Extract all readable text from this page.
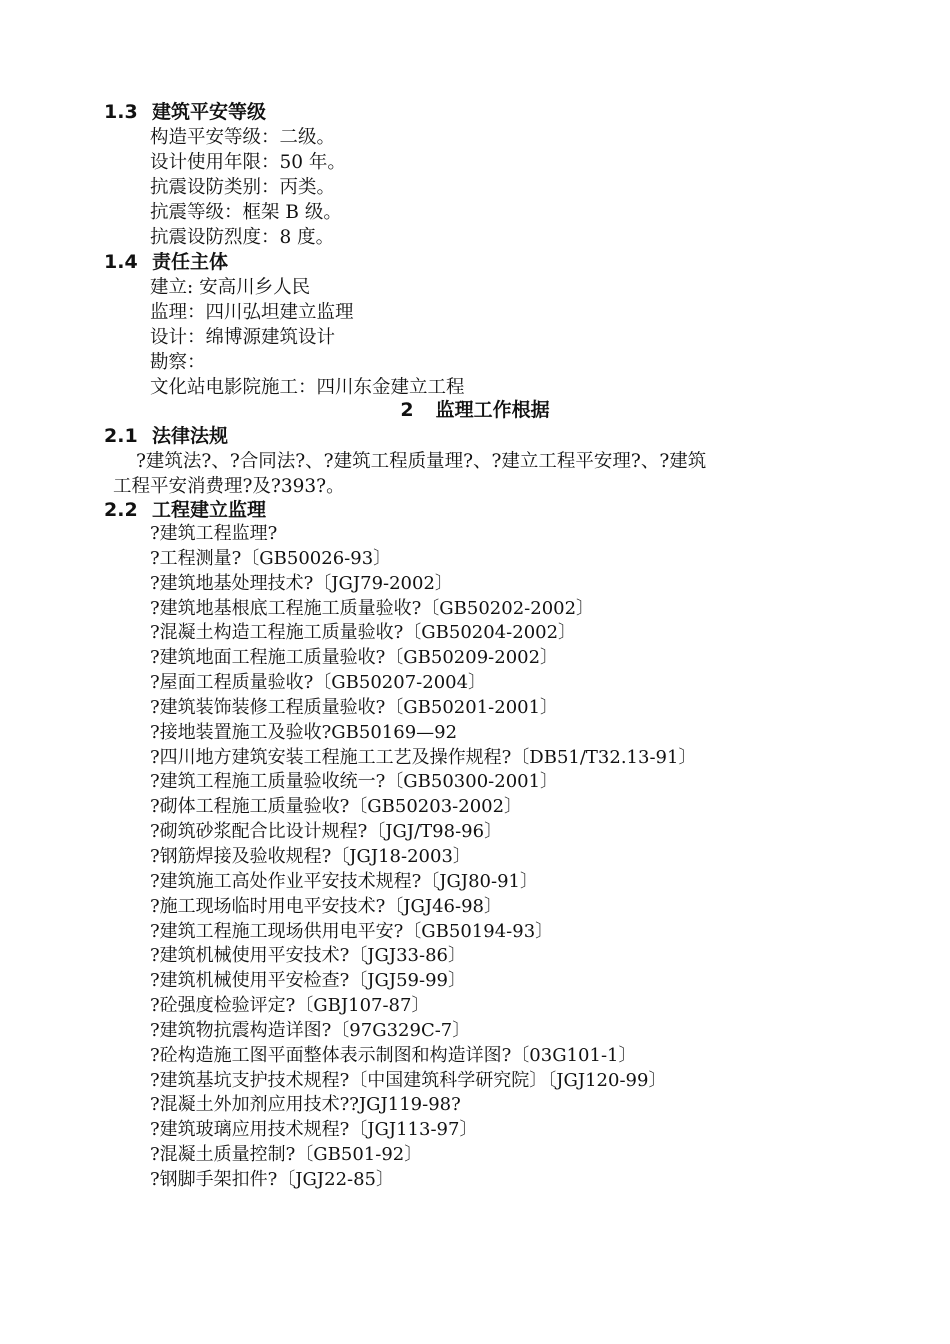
1.3 建筑平安等级
构造平安等级：二级。
设计使用年限：50 年。
抗震设防类别：丙类。
抗震等级：框架 B 级。
抗震设防烈度：8 度。
1.4 责任主体
建立: 安高川乡人民
监理：四川弘坦建立监理
设计：绵博源建筑设计
勘察：
文化站电影院施工：四川东金建立工程
2 监理工作根据
2.1 法律法规
?建筑法?、?合同法?、?建筑工程质量理?、?建立工程平安理?、?建筑
工程平安消费理?及?393?。
2.2 工程建立监理
?建筑工程监理?
?工程测量?〔GB50026-93〕
?建筑地基处理技术?〔JGJ79-2002〕
?建筑地基根底工程施工质量验收?〔GB50202-2002〕
?混凝土构造工程施工质量验收?〔GB50204-2002〕
?建筑地面工程施工质量验收?〔GB50209-2002〕
?屋面工程质量验收?〔GB50207-2004〕
?建筑装饰装修工程质量验收?〔GB50201-2001〕
?接地装置施工及验收?GB50169—92
?四川地方建筑安装工程施工工艺及操作规程?〔DB51/T32.13-91〕
?建筑工程施工质量验收统一?〔GB50300-2001〕
?砌体工程施工质量验收?〔GB50203-2002〕
?砌筑砂浆配合比设计规程?〔JGJ/T98-96〕
?钢筋焊接及验收规程?〔JGJ18-2003〕
?建筑施工高处作业平安技术规程?〔JGJ80-91〕
?施工现场临时用电平安技术?〔JGJ46-98〕
?建筑工程施工现场供用电平安?〔GB50194-93〕
?建筑机械使用平安技术?〔JGJ33-86〕
?建筑机械使用平安检查?〔JGJ59-99〕
?砼强度检验评定?〔GBJ107-87〕
?建筑物抗震构造详图?〔97G329C-7〕
?砼构造施工图平面整体表示制图和构造详图?〔03G101-1〕
?建筑基坑支护技术规程?〔中国建筑科学研究院〕〔JGJ120-99〕
?混凝土外加剂应用技术??JGJ119-98?
?建筑玻璃应用技术规程?〔JGJ113-97〕
?混凝土质量控制?〔GB501-92〕
?钢脚手架扣件?〔JGJ22-85〕
